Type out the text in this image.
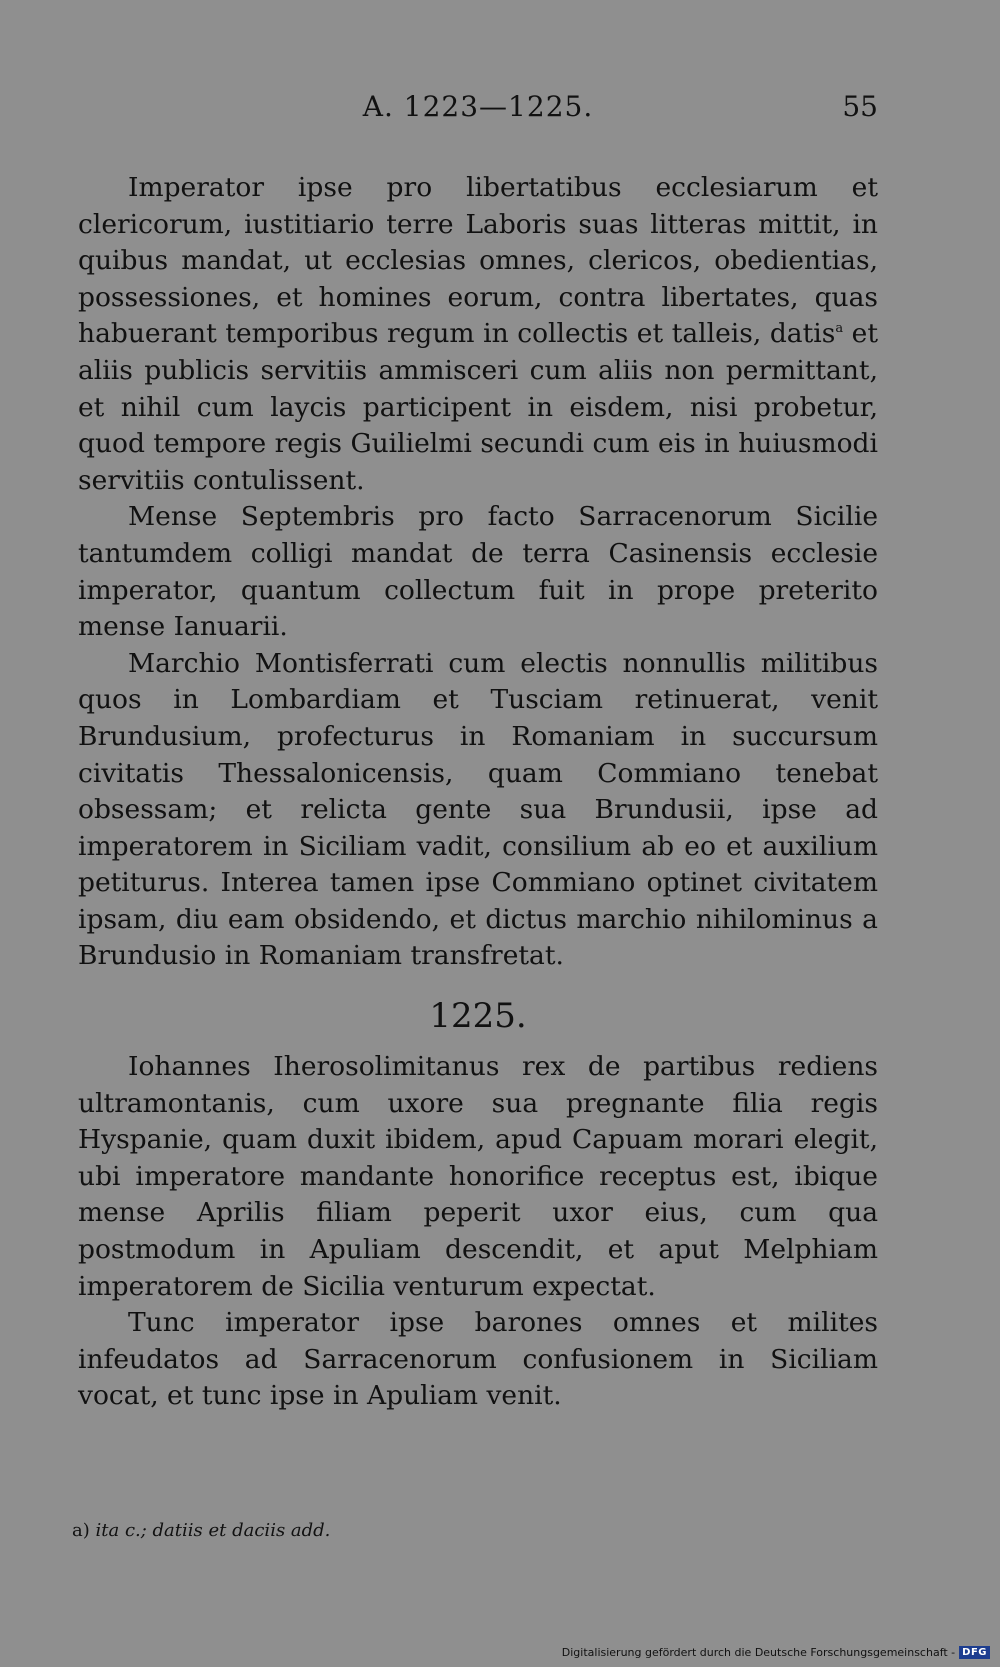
A. 1223—1225.	55

Imperator ipse pro libertatibus ecclesiarum et clericorum, iustitiario terre Laboris suas litteras mittit, in quibus mandat, ut ecclesias omnes, clericos, obedientias, possessiones, et homines eorum, contra libertates, quas habuerant temporibus regum in collectis et talleis, datis$^a$ et aliis publicis servitiis ammisceri cum aliis non permittant, et nihil cum laycis participent in eisdem, nisi probetur, quod tempore regis Guilielmi secundi cum eis in huiusmodi servitiis contulissent.

Mense Septembris pro facto Sarracenorum Sicilie tantumdem colligi mandat de terra Casinensis ecclesie imperator, quantum collectum fuit in prope preterito mense Ianuarii.

Marchio Montisferrati cum electis nonnullis militibus quos in Lombardiam et Tusciam retinuerat, venit Brundusium, profecturus in Romaniam in succursum civitatis Thessalonicensis, quam Commiano tenebat obsessam; et relicta gente sua Brundusii, ipse ad imperatorem in Siciliam vadit, consilium ab eo et auxilium petiturus. Interea tamen ipse Commiano optinet civitatem ipsam, diu eam obsidendo, et dictus marchio nihilominus a Brundusio in Romaniam transfretat.

1225.

Iohannes Iherosolimitanus rex de partibus rediens ultramontanis, cum uxore sua pregnante filia regis Hyspanie, quam duxit ibidem, apud Capuam morari elegit, ubi imperatore mandante honorifice receptus est, ibique mense Aprilis filiam peperit uxor eius, cum qua postmodum in Apuliam descendit, et aput Melphiam imperatorem de Sicilia venturum expectat.

Tunc imperator ipse barones omnes et milites infeudatos ad Sarracenorum confusionem in Siciliam vocat, et tunc ipse in Apuliam venit.

a) ita c.; datiis et daciis add.
Digitalisierung gefördert durch die Deutsche Forschungsgemeinschaft - DFG
